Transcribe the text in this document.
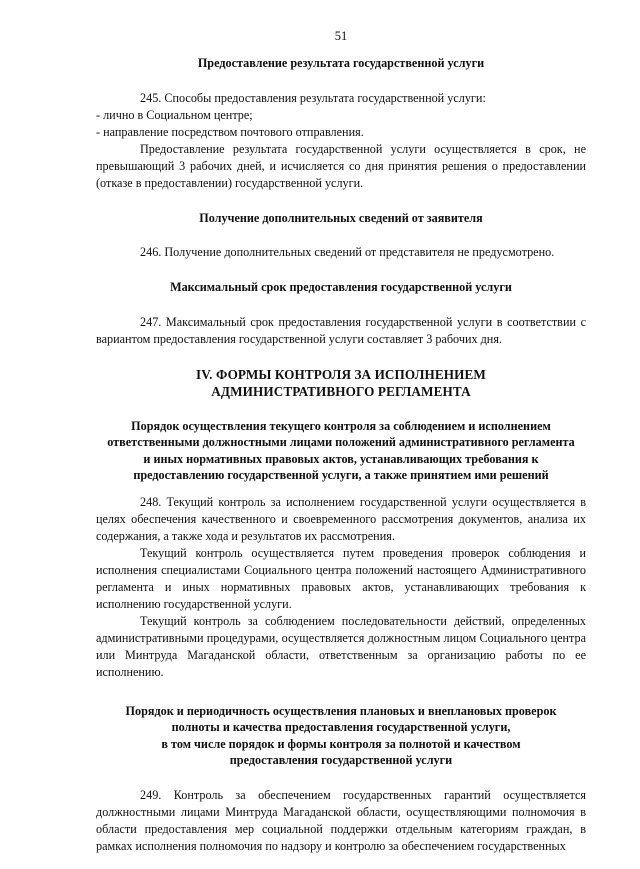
51
Предоставление результата государственной услуги

245. Способы предоставления результата государственной услуги:

- лично в Социальном центре;

- направление посредством почтового отправления.

Предоставление результата государственной услуги осуществляется в срок, не превышающий 3 рабочих дней, и исчисляется со дня принятия решения о предоставлении (отказе в предоставлении) государственной услуги.

Получение дополнительных сведений от заявителя

246. Получение дополнительных сведений от представителя не предусмотрено.

Максимальный срок предоставления государственной услуги

247. Максимальный срок предоставления государственной услуги в соответствии с вариантом предоставления государственной услуги составляет 3 рабочих дня.

IV. ФОРМЫ КОНТРОЛЯ ЗА ИСПОЛНЕНИЕМ
АДМИНИСТРАТИВНОГО РЕГЛАМЕНТА
Порядок осуществления текущего контроля за соблюдением и исполнением
ответственными должностными лицами положений административного регламента
и иных нормативных правовых актов, устанавливающих требования к
предоставлению государственной услуги, а также принятием ими решений

248. Текущий контроль за исполнением государственной услуги осуществляется в целях обеспечения качественного и своевременного рассмотрения документов, анализа их содержания, а также хода и результатов их рассмотрения.

Текущий контроль осуществляется путем проведения проверок соблюдения и исполнения специалистами Социального центра положений настоящего Административного регламента и иных нормативных правовых актов, устанавливающих требования к исполнению государственной услуги.

Текущий контроль за соблюдением последовательности действий, определенных административными процедурами, осуществляется должностным лицом Социального центра или Минтруда Магаданской области, ответственным за организацию работы по ее исполнению.

Порядок и периодичность осуществления плановых и внеплановых проверок
полноты и качества предоставления государственной услуги,
в том числе порядок и формы контроля за полнотой и качеством
предоставления государственной услуги

249. Контроль за обеспечением государственных гарантий осуществляется должностными лицами Минтруда Магаданской области, осуществляющими полномочия в области предоставления мер социальной поддержки отдельным категориям граждан, в рамках исполнения полномочия по надзору и контролю за обеспечением государственных
